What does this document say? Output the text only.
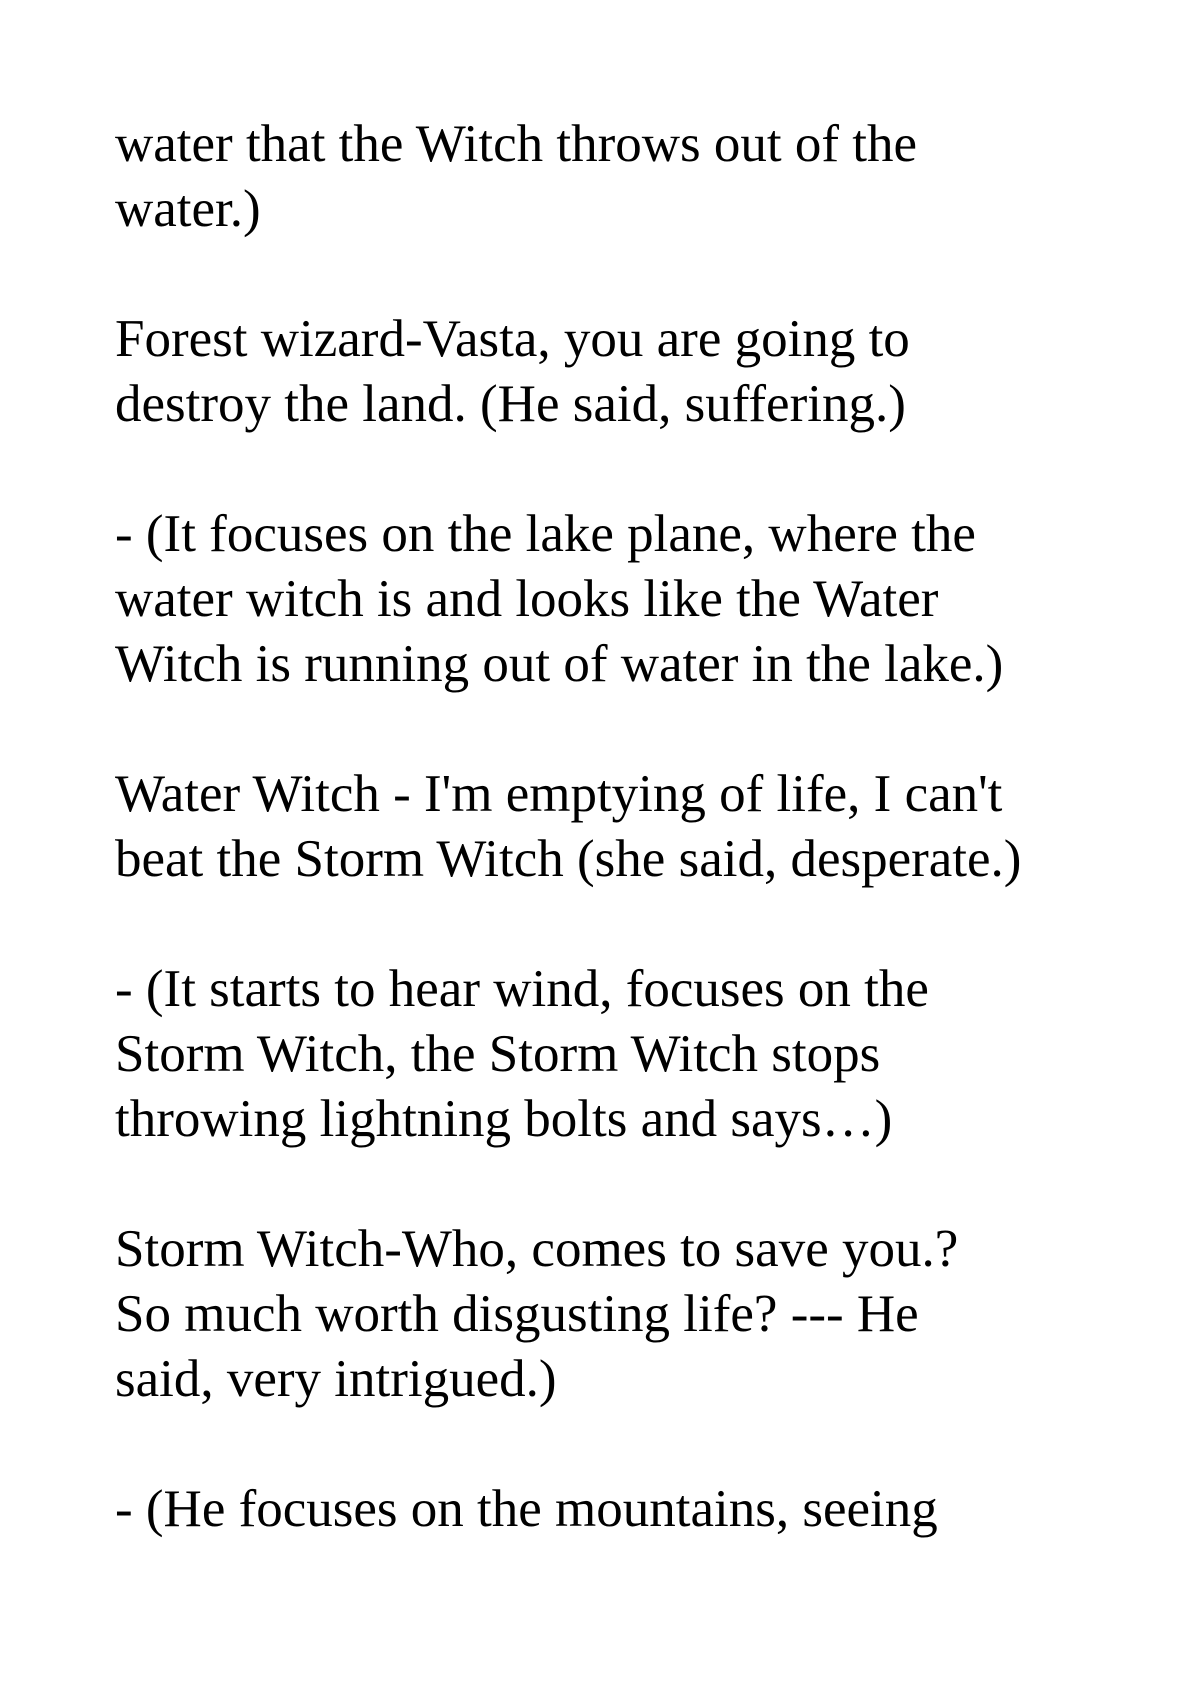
water that the Witch throws out of the
water.)

Forest wizard-Vasta, you are going to
destroy the land. (He said, suffering.)

- (It focuses on the lake plane, where the
water witch is and looks like the Water
Witch is running out of water in the lake.)

Water Witch - I'm emptying of life, I can't
beat the Storm Witch (she said, desperate.)

- (It starts to hear wind, focuses on the
Storm Witch, the Storm Witch stops
throwing lightning bolts and says…)

Storm Witch-Who, comes to save you.?
So much worth disgusting life? --- He
said, very intrigued.)

- (He focuses on the mountains, seeing
